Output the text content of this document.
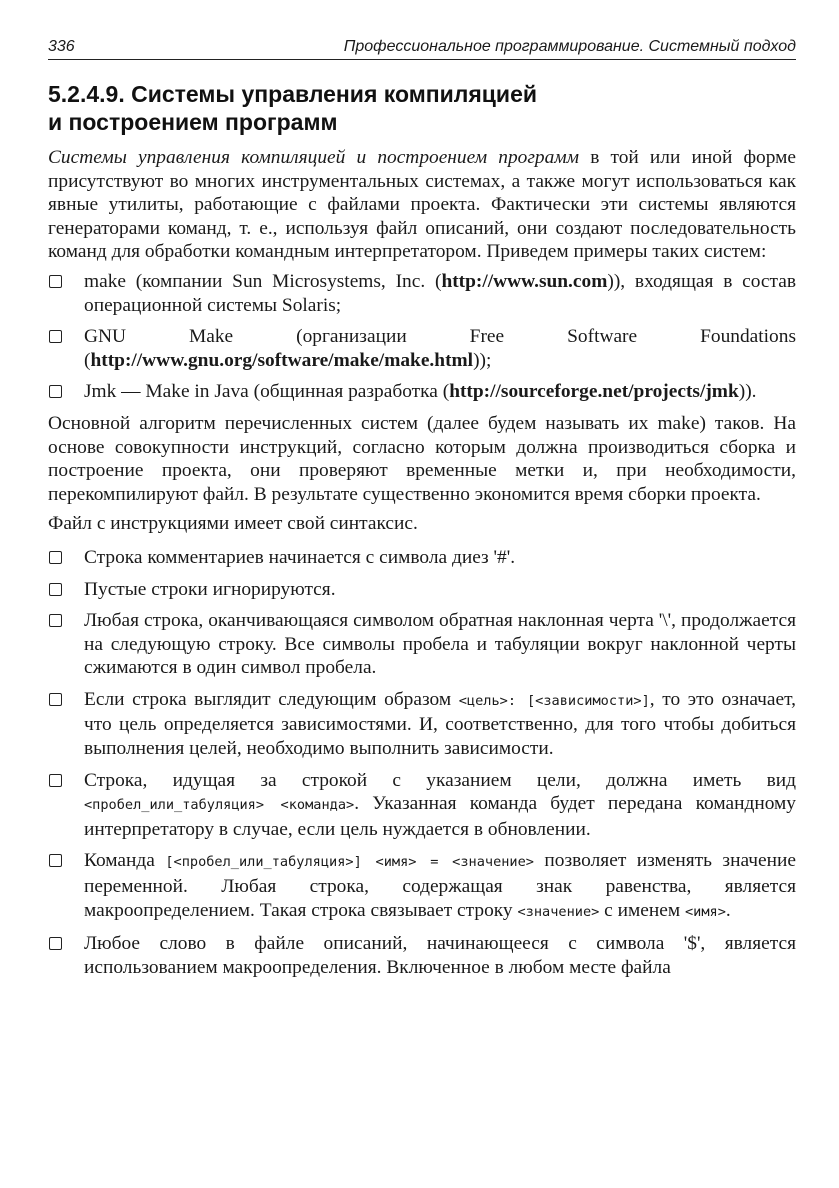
336	Профессиональное программирование. Системный подход
5.2.4.9. Системы управления компиляцией
и построением программ

Системы управления компиляцией и построением программ в той или иной форме присутствуют во многих инструментальных системах, а также могут использоваться как явные утилиты, работающие с файлами проекта. Фактически эти системы являются генераторами команд, т. е., используя файл описаний, они создают последовательность команд для обработки командным интерпретатором. Приведем примеры таких систем:

make (компании Sun Microsystems, Inc. (http://www.sun.com)), входящая в состав операционной системы Solaris;
GNU Make (организации Free Software Foundations (http://www.gnu.org/software/make/make.html));
Jmk — Make in Java (общинная разработка (http://sourceforge.net/projects/jmk)).

Основной алгоритм перечисленных систем (далее будем называть их make) таков. На основе совокупности инструкций, согласно которым должна производиться сборка и построение проекта, они проверяют временные метки и, при необходимости, перекомпилируют файл. В результате существенно экономится время сборки проекта.

Файл с инструкциями имеет свой синтаксис.

Строка комментариев начинается с символа диез '#'.
Пустые строки игнорируются.
Любая строка, оканчивающаяся символом обратная наклонная черта '\', продолжается на следующую строку. Все символы пробела и табуляции вокруг наклонной черты сжимаются в один символ пробела.
Если строка выглядит следующим образом <цель>: [<зависимости>], то это означает, что цель определяется зависимостями. И, соответственно, для того чтобы добиться выполнения целей, необходимо выполнить зависимости.
Строка, идущая за строкой с указанием цели, должна иметь вид <пробел_или_табуляция> <команда>. Указанная команда будет передана командному интерпретатору в случае, если цель нуждается в обновлении.
Команда [<пробел_или_табуляция>] <имя> = <значение> позволяет изменять значение переменной. Любая строка, содержащая знак равенства, является макроопределением. Такая строка связывает строку <значение> с именем <имя>.
Любое слово в файле описаний, начинающееся с символа '$', является использованием макроопределения. Включенное в любом месте файла
